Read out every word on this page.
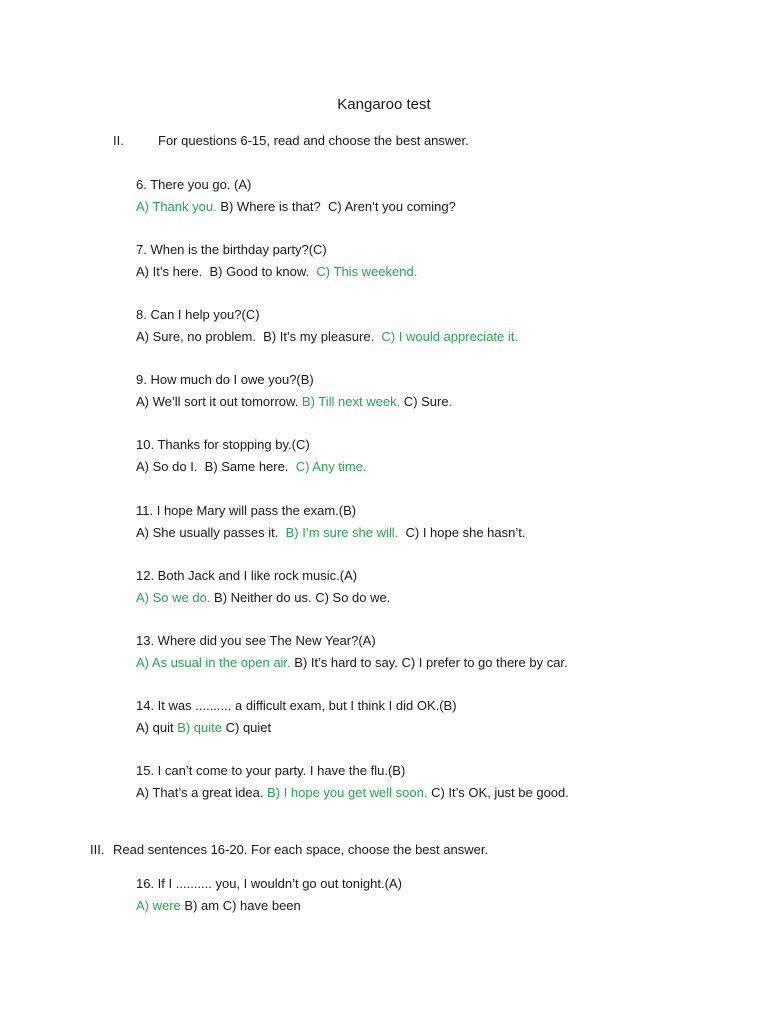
Kangaroo test
II.	For questions 6-15, read and choose the best answer.
6. There you go. (A)
A) Thank you. B) Where is that?  C) Aren’t you coming?
7. When is the birthday party?(C)
A) It’s here.  B) Good to know.  C) This weekend.
8. Can I help you?(C)
A) Sure, no problem.  B) It’s my pleasure.  C) I would appreciate it.
9. How much do I owe you?(B)
A) We’ll sort it out tomorrow. B) Till next week. C) Sure.
10. Thanks for stopping by.(C)
A) So do I.  B) Same here.  C) Any time.
11. I hope Mary will pass the exam.(B)
A) She usually passes it.  B) I’m sure she will.  C) I hope she hasn’t.
12. Both Jack and I like rock music.(A)
A) So we do. B) Neither do us. C) So do we.
13. Where did you see The New Year?(A)
A) As usual in the open air. B) It’s hard to say. C) I prefer to go there by car.
14. It was .......... a difficult exam, but I think I did OK.(B)
A) quit B) quite C) quiet
15. I can’t come to your party. I have the flu.(B)
A) That’s a great idea. B) I hope you get well soon. C) It’s OK, just be good.
III. Read sentences 16-20. For each space, choose the best answer.
16. If I .......... you, I wouldn’t go out tonight.(A)
A) were B) am C) have been
